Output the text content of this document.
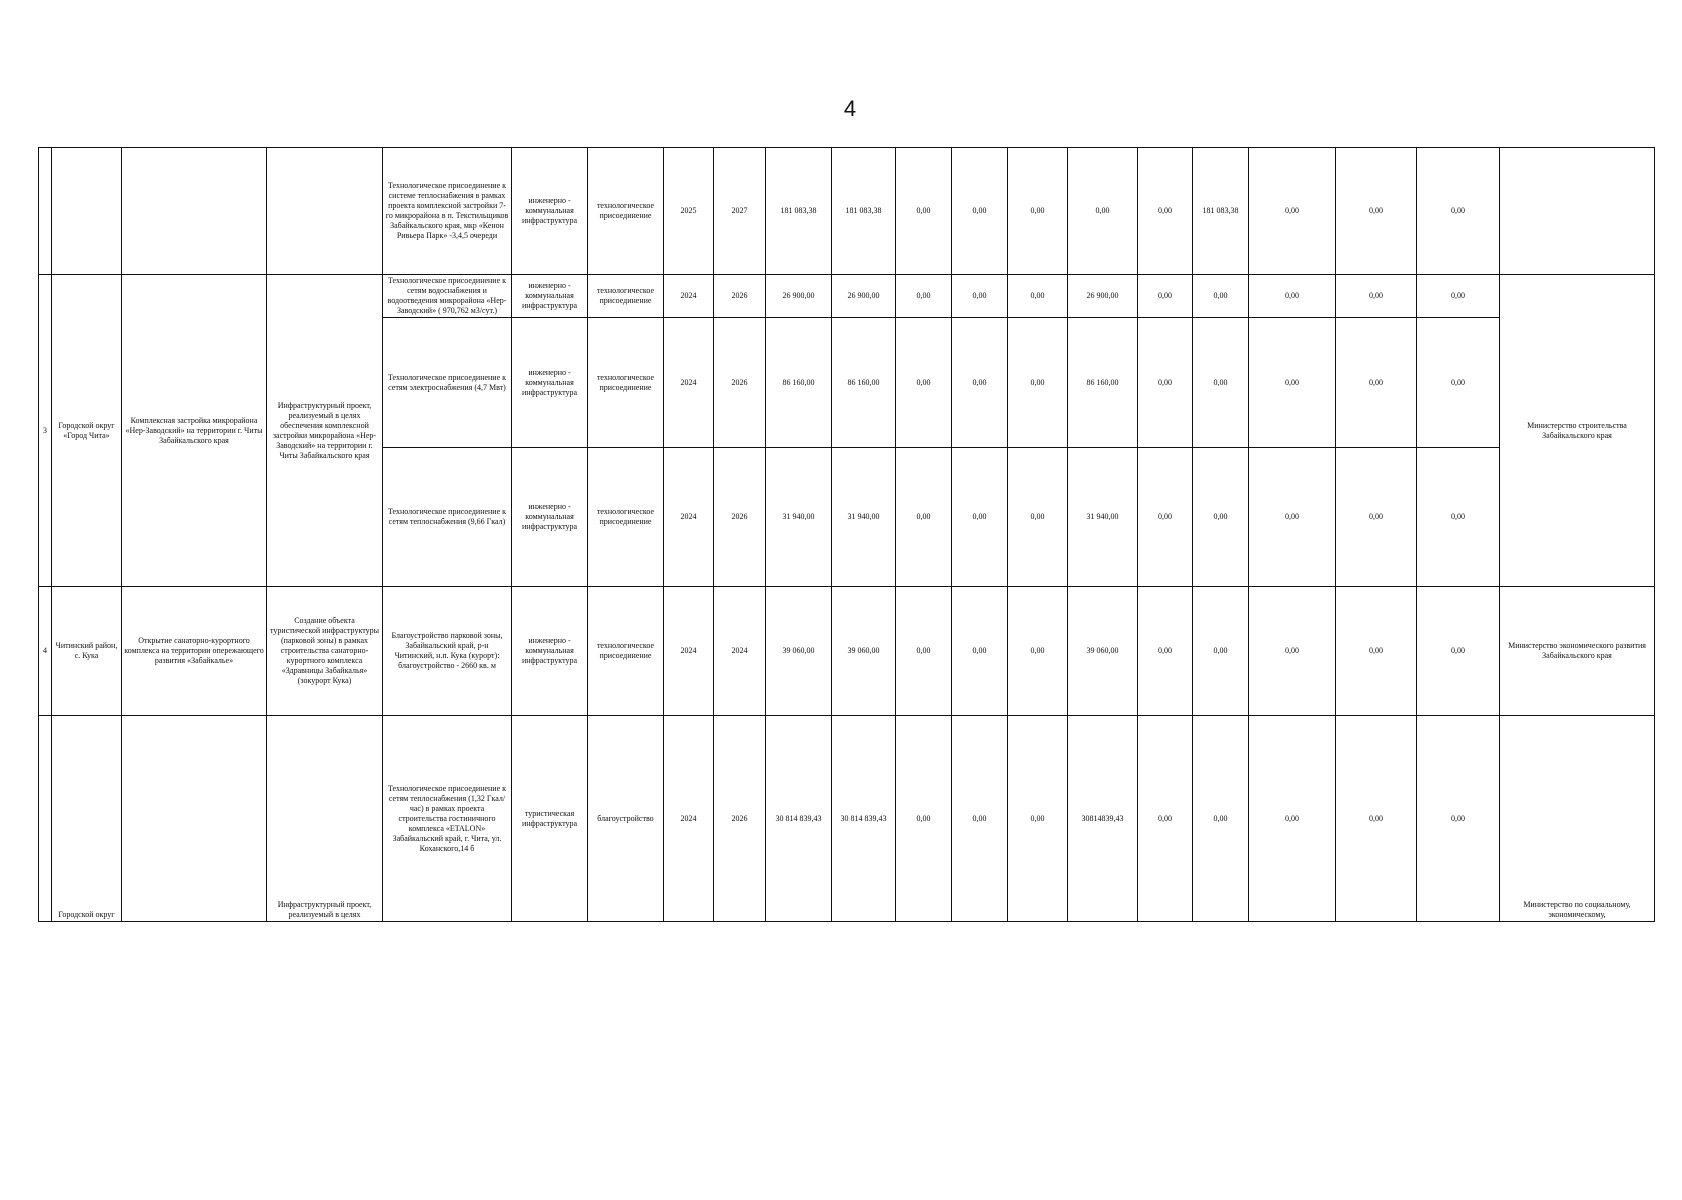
4
				Технологическое присоединение к системе теплоснабжения в рамках проекта комплексной застройки 7-го микрорайона в п. Текстильщиков Забайкальского края, мкр «Кенон Ривьера Парк» -3,4,5 очереди	инженерно - коммунальная инфраструктура	технологическое присоединение	2025	2027	181 083,38	181 083,38	0,00	0,00	0,00	0,00	0,00	181 083,38	0,00	0,00	0,00	
3	Городской округ «Город Чита»	Комплексная застройка микрорайона «Нер-Заводский» на территории г. Читы Забайкальского края	Инфраструктурный проект, реализуемый в целях обеспечения комплексной застройки микрорайона «Нер-Заводский» на территории г. Читы Забайкальского края	Технологическое присоединение к сетям водоснабжения и водоотведения микрорайона «Нер-Заводский» ( 970,762 м3/сут.)	инженерно - коммунальная инфраструктура	технологическое присоединение	2024	2026	26 900,00	26 900,00	0,00	0,00	0,00	26 900,00	0,00	0,00	0,00	0,00	0,00	Министерство строительства Забайкальского края
				Технологическое присоединение к сетям электроснабжения (4,7 Мвт)	инженерно - коммунальная инфраструктура	технологическое присоединение	2024	2026	86 160,00	86 160,00	0,00	0,00	0,00	86 160,00	0,00	0,00	0,00	0,00	0,00	
				Технологическое присоединение к сетям теплоснабжения (9,66 Гкал)	инженерно - коммунальная инфраструктура	технологическое присоединение	2024	2026	31 940,00	31 940,00	0,00	0,00	0,00	31 940,00	0,00	0,00	0,00	0,00	0,00	
4	Читинский район, с. Кука	Открытие санаторно-курортного комплекса на территории опережающего развития «Забайкалье»	Создание объекта туристической инфраструктуры (парковой зоны) в рамках строительства санаторно-курортного комплекса «Здравницы Забайкалья» (зокурорт Кука)	Благоустройство парковой зоны, Забайкальский край, р-н Читинский, н.п. Кука (курорт): благоустройство - 2660 кв. м	инженерно - коммунальная инфраструктура	технологическое присоединение	2024	2024	39 060,00	39 060,00	0,00	0,00	0,00	39 060,00	0,00	0,00	0,00	0,00	0,00	Министерство экономического развития Забайкальского края
	Городской округ		Инфраструктурный проект, реализуемый в целях	Технологическое присоединение к сетям теплоснабжения (1,32 Гкал/час) в рамках проекта строительства гостиничного комплекса «ETALON» Забайкальский край, г. Чита, ул. Коханского,14 б	туристическая инфраструктура	благоустройство	2024	2026	30 814 839,43	30 814 839,43	0,00	0,00	0,00	30814839,43	0,00	0,00	0,00	0,00	0,00	Министерство по социальному, экономическому,
